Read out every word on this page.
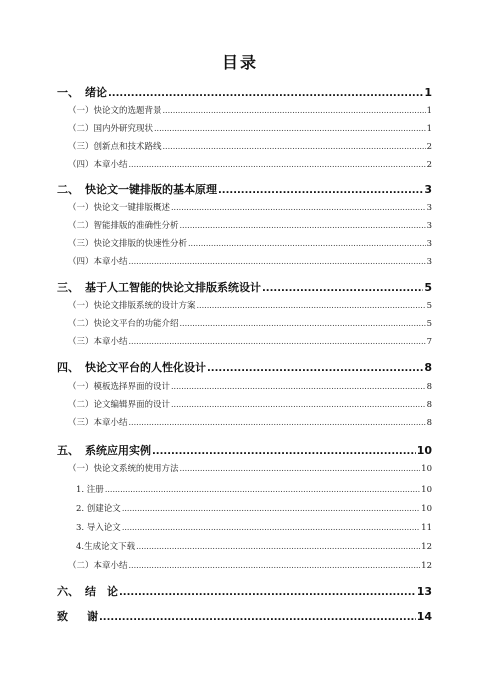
目录
一、 绪论 .....	1
（一）快论文的选题背景 .....	1
（二）国内外研究现状 .....	1
（三）创新点和技术路线 .....	2
（四）本章小结 .....	2
二、 快论文一键排版的基本原理 .....	3
（一）快论文一键排版概述 .....	3
（二）智能排版的准确性分析 .....	3
（三）快论文排版的快速性分析 .....	3
（四）本章小结 .....	3
三、 基于人工智能的快论文排版系统设计 .....	5
（一）快论文排版系统的设计方案 .....	5
（二）快论文平台的功能介绍 .....	5
（三）本章小结 .....	7
四、 快论文平台的人性化设计 .....	8
（一）模板选择界面的设计 .....	8
（二）论文编辑界面的设计 .....	8
（三）本章小结 .....	8
五、 系统应用实例 .....	10
（一）快论文系统的使用方法 .....	10
1. 注册 .....	10
2. 创建论文 .....	10
3. 导入论文 .....	11
4.生成论文下载 .....	12
（二）本章小结 .....	12
六、 结　论 .....	13
致 谢 .....	14
